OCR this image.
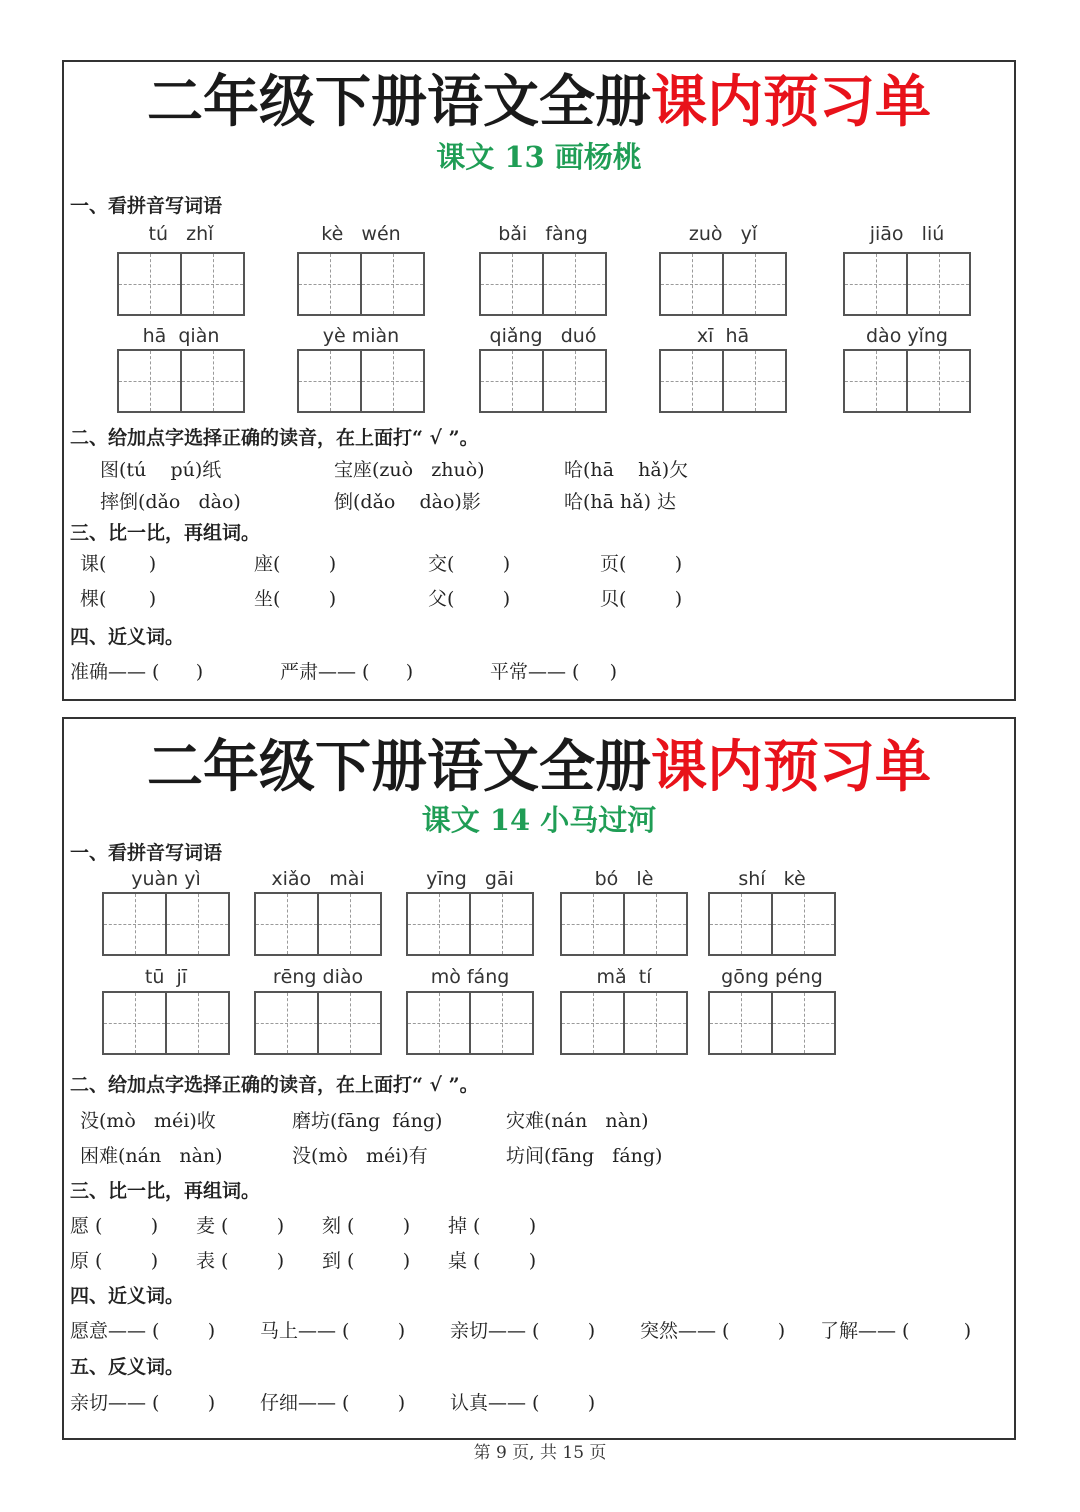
二年级下册语文全册课内预习单
课文 13 画杨桃
一、看拼音写词语
tú   zhǐ	kè   wén	bǎi   fàng	zuò   yǐ	jiāo   liú
hā  qiàn	yè miàn	qiǎng   duó	xī  hā	dào yǐng
二、给加点字选择正确的读音，在上面打“ √ ”。
图(tú    pú)纸	宝座(zuò   zhuò)	哈(hā    hǎ)欠
摔倒(dǎo   dào)	倒(dǎo    dào)影	哈(hā hǎ) 达
三、比一比，再组词。
课(       )	座(        )	交(        )	页(        )
棵(       )	坐(        )	父(        )	贝(        )
四、近义词。
准确—— (      )	严肃—— (      )	平常—— (     )
二年级下册语文全册课内预习单
课文 14 小马过河
一、看拼音写词语
yuàn yì	xiǎo   mài	yīng   gāi	bó   lè	shí   kè
tū  jī	rēng diào	mò fáng	mǎ  tí	gōng péng
二、给加点字选择正确的读音，在上面打“ √ ”。
没(mò   méi)收	磨坊(fāng  fáng)	灾难(nán   nàn)
困难(nán   nàn)	没(mò   méi)有	坊间(fāng   fáng)
三、比一比，再组词。
愿 (        ) 麦 (        ) 刻 (        ) 掉 (        )
原 (        ) 表 (        ) 到 (        ) 桌 (        )
四、近义词。
愿意—— (        ) 马上—— (        ) 亲切—— (        ) 突然—— (        ) 了解—— (         )
五、反义词。
亲切—— (        ) 仔细—— (        ) 认真—— (        )
第 9 页, 共 15 页
